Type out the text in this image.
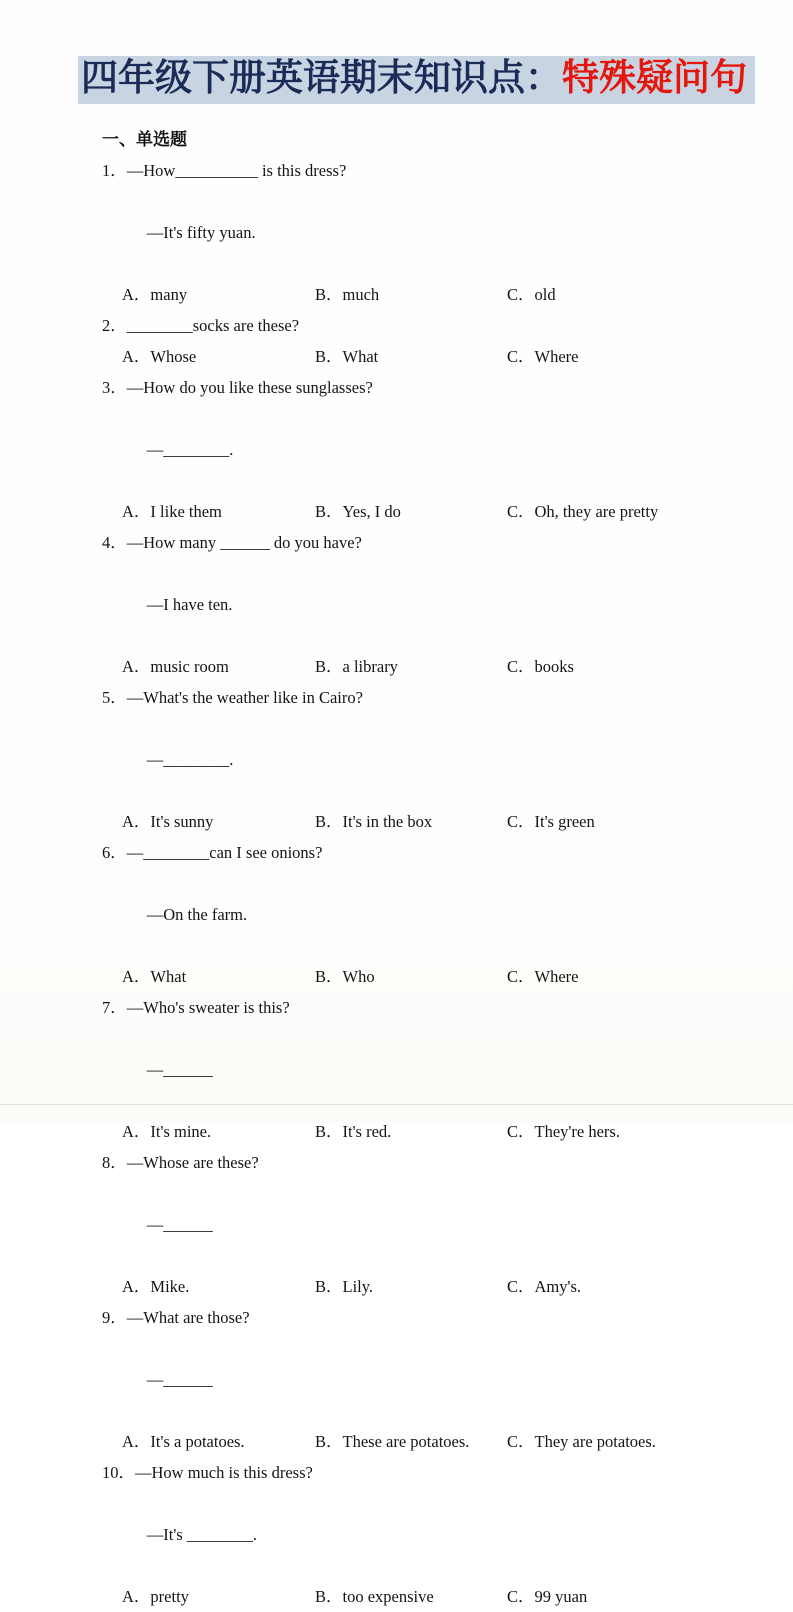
四年级下册英语期末知识点：特殊疑问句
一、单选题
1． —How__________ is this dress?

—It's fifty yuan.

A．many	B．much	C．old
2． ________socks are these?
A．Whose	B．What	C．Where
3． —How do you like these sunglasses?

—________.

A．I like them	B．Yes, I do	C．Oh, they are pretty
4． —How many ______ do you have?

—I have ten.

A．music room	B．a library	C．books
5． —What's the weather like in Cairo?

—________.

A．It's sunny	B．It's in the box	C．It's green
6． —________can I see onions?

—On the farm.

A．What	B．Who	C．Where
7． —Who's sweater is this?

—______

A．It's mine.	B．It's red.	C．They're hers.
8． —Whose are these?

—______

A．Mike.	B．Lily.	C．Amy's.
9． —What are those?

—______

A．It's a potatoes.	B．These are potatoes.	C．They are potatoes.
10． —How much is this dress?

—It's ________.

A．pretty	B．too expensive	C．99 yuan
